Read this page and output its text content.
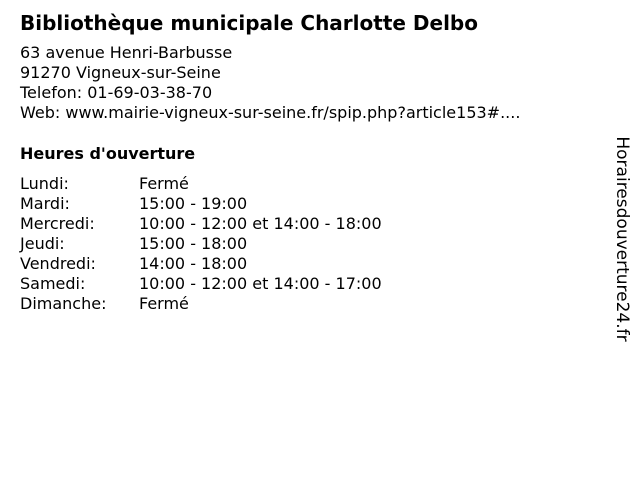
Bibliothèque municipale Charlotte Delbo
63 avenue Henri-Barbusse
91270 Vigneux-sur-Seine
Telefon: 01-69-03-38-70
Web: www.mairie-vigneux-sur-seine.fr/spip.php?article153#....
Heures d'ouverture
Lundi:	Fermé
Mardi:	15:00 - 19:00
Mercredi:	10:00 - 12:00 et 14:00 - 18:00
Jeudi:	15:00 - 18:00
Vendredi:	14:00 - 18:00
Samedi:	10:00 - 12:00 et 14:00 - 17:00
Dimanche:	Fermé	Horairesdouverture24.fr
